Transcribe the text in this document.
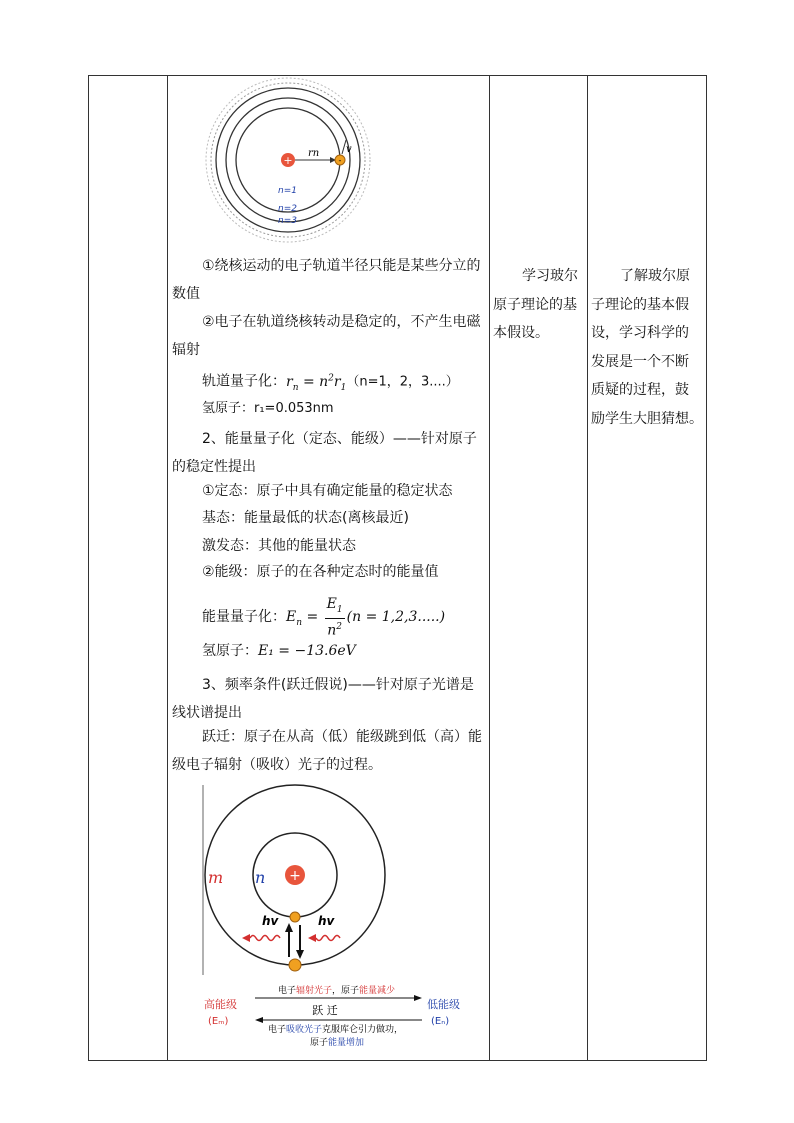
+	-
rn	v
n=1
n=2
n=3
①绕核运动的电子轨道半径只能是某些分立的
数值
②电子在轨道绕核转动是稳定的，不产生电磁
辐射
轨道量子化：$r_n = n^2r_1(n=1$，2，3....）
氢原子：r₁=0.053nm
2、能量量子化（定态、能级）——针对原子
的稳定性提出
①定态：原子中具有确定能量的稳定状态
基态：能量最低的状态(离核最近)
激发态：其他的能量状态
②能级：原子的在各种定态时的能量值
能量量子化：$E_n = \frac{E_1}{n^2} (n = 1,2,3.....)$
氢原子：E₁ = −13.6eV
3、频率条件(跃迁假说)——针对原子光谱是
线状谱提出
跃迁：原子在从高（低）能级跳到低（高）能
级电子辐射（吸收）光子的过程。
+
m n
hv	hv
高能级
(Eₘ)
低能级
(Eₙ)
电子辐射光子，原子能量减少
跃 迁
电子吸收光子克服库仑引力做功，
原子能量增加
学习玻尔
原子理论的基
本假设。
了解玻尔原
子理论的基本假
设，学习科学的
发展是一个不断
质疑的过程，鼓
励学生大胆猜想。
